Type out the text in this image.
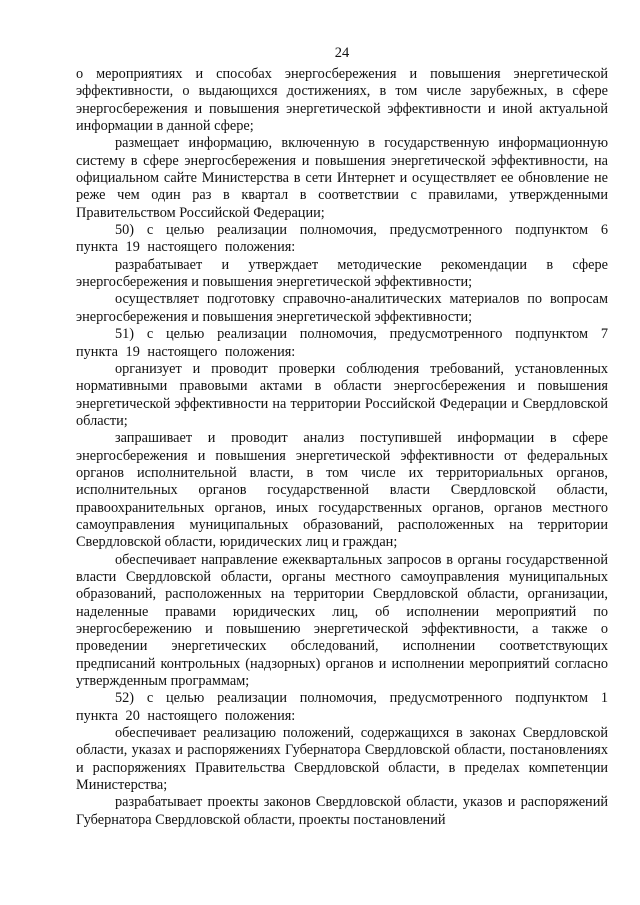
24

о мероприятиях и способах энергосбережения и повышения энергетической эффективности, о выдающихся достижениях, в том числе зарубежных, в сфере энергосбережения и повышения энергетической эффективности и иной актуальной информации в данной сфере;

размещает информацию, включенную в государственную информационную систему в сфере энергосбережения и повышения энергетической эффективности, на официальном сайте Министерства в сети Интернет и осуществляет ее обновление не реже чем один раз в квартал в соответствии с правилами, утвержденными Правительством Российской Федерации;

50) с целью реализации полномочия, предусмотренного подпунктом 6 пункта 19 настоящего положения:

разрабатывает и утверждает методические рекомендации в сфере энергосбережения и повышения энергетической эффективности;

осуществляет подготовку справочно-аналитических материалов по вопросам энергосбережения и повышения энергетической эффективности;

51) с целью реализации полномочия, предусмотренного подпунктом 7 пункта 19 настоящего положения:

организует и проводит проверки соблюдения требований, установленных нормативными правовыми актами в области энергосбережения и повышения энергетической эффективности на территории Российской Федерации и Свердловской области;

запрашивает и проводит анализ поступившей информации в сфере энергосбережения и повышения энергетической эффективности от федеральных органов исполнительной власти, в том числе их территориальных органов, исполнительных органов государственной власти Свердловской области, правоохранительных органов, иных государственных органов, органов местного самоуправления муниципальных образований, расположенных на территории Свердловской области, юридических лиц и граждан;

обеспечивает направление ежеквартальных запросов в органы государственной власти Свердловской области, органы местного самоуправления муниципальных образований, расположенных на территории Свердловской области, организации, наделенные правами юридических лиц, об исполнении мероприятий по энергосбережению и повышению энергетической эффективности, а также о проведении энергетических обследований, исполнении соответствующих предписаний контрольных (надзорных) органов и исполнении мероприятий согласно утвержденным программам;

52) с целью реализации полномочия, предусмотренного подпунктом 1 пункта 20 настоящего положения:

обеспечивает реализацию положений, содержащихся в законах Свердловской области, указах и распоряжениях Губернатора Свердловской области, постановлениях и распоряжениях Правительства Свердловской области, в пределах компетенции Министерства;

разрабатывает проекты законов Свердловской области, указов и распоряжений Губернатора Свердловской области, проекты постановлений
